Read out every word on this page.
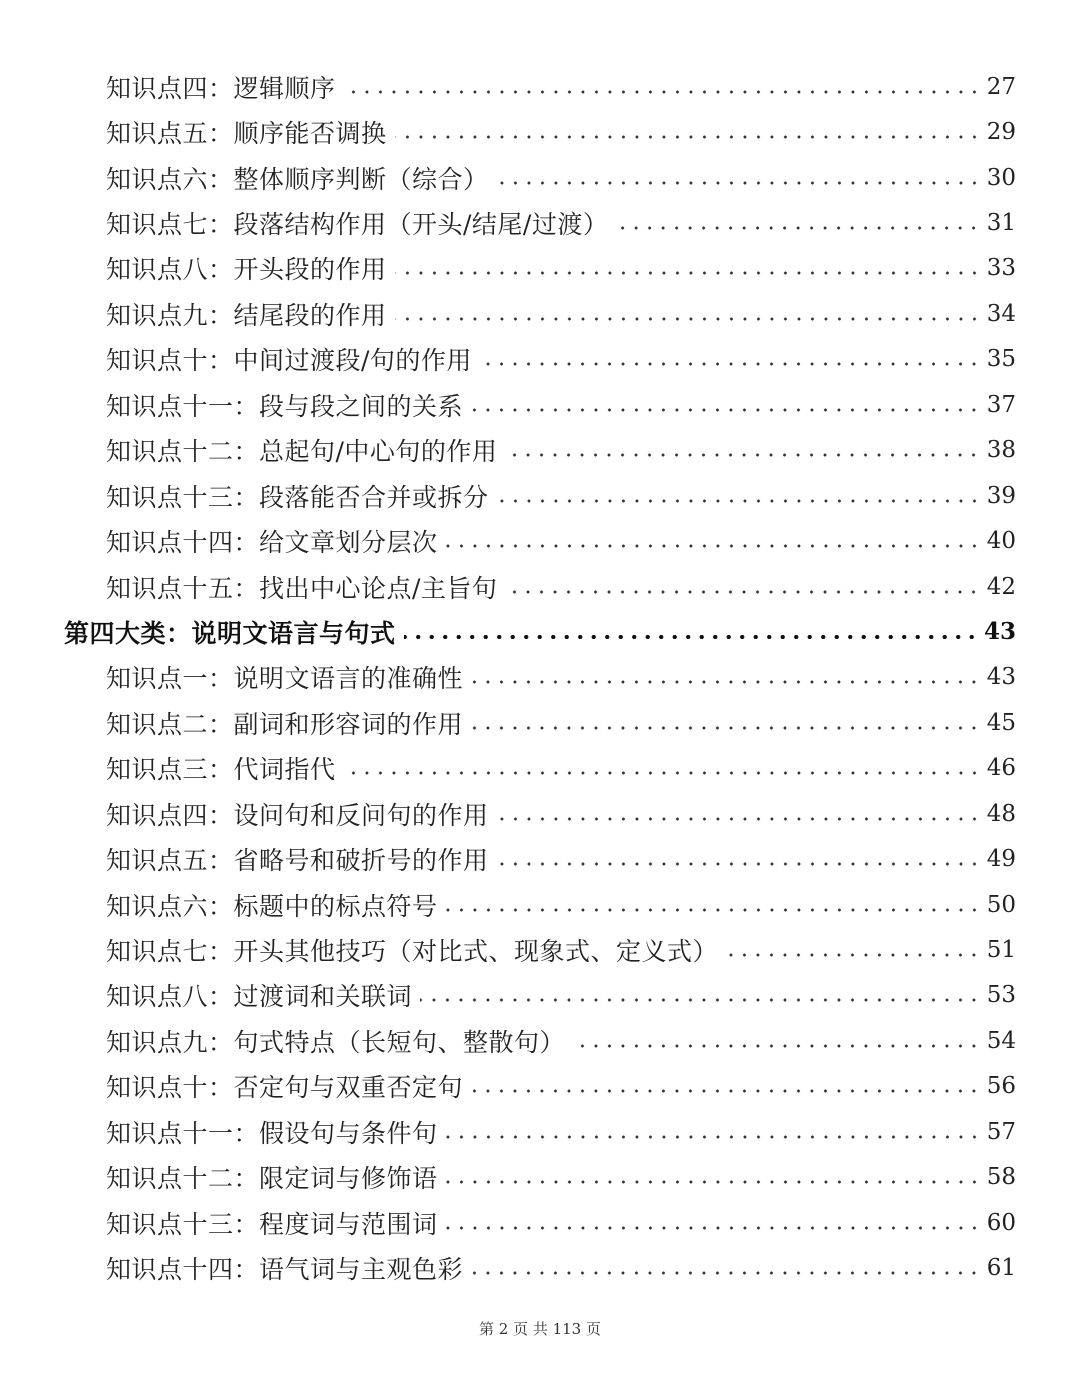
知识点四：逻辑顺序	27
知识点五：顺序能否调换	29
知识点六：整体顺序判断（综合）	30
知识点七：段落结构作用（开头/结尾/过渡）	31
知识点八：开头段的作用	33
知识点九：结尾段的作用	34
知识点十：中间过渡段/句的作用	35
知识点十一：段与段之间的关系	37
知识点十二：总起句/中心句的作用	38
知识点十三：段落能否合并或拆分	39
知识点十四：给文章划分层次	40
知识点十五：找出中心论点/主旨句	42
第四大类：说明文语言与句式	43
知识点一：说明文语言的准确性	43
知识点二：副词和形容词的作用	45
知识点三：代词指代	46
知识点四：设问句和反问句的作用	48
知识点五：省略号和破折号的作用	49
知识点六：标题中的标点符号	50
知识点七：开头其他技巧（对比式、现象式、定义式）	51
知识点八：过渡词和关联词	53
知识点九：句式特点（长短句、整散句）	54
知识点十：否定句与双重否定句	56
知识点十一：假设句与条件句	57
知识点十二：限定词与修饰语	58
知识点十三：程度词与范围词	60
知识点十四：语气词与主观色彩	61
第 2 页 共 113 页
